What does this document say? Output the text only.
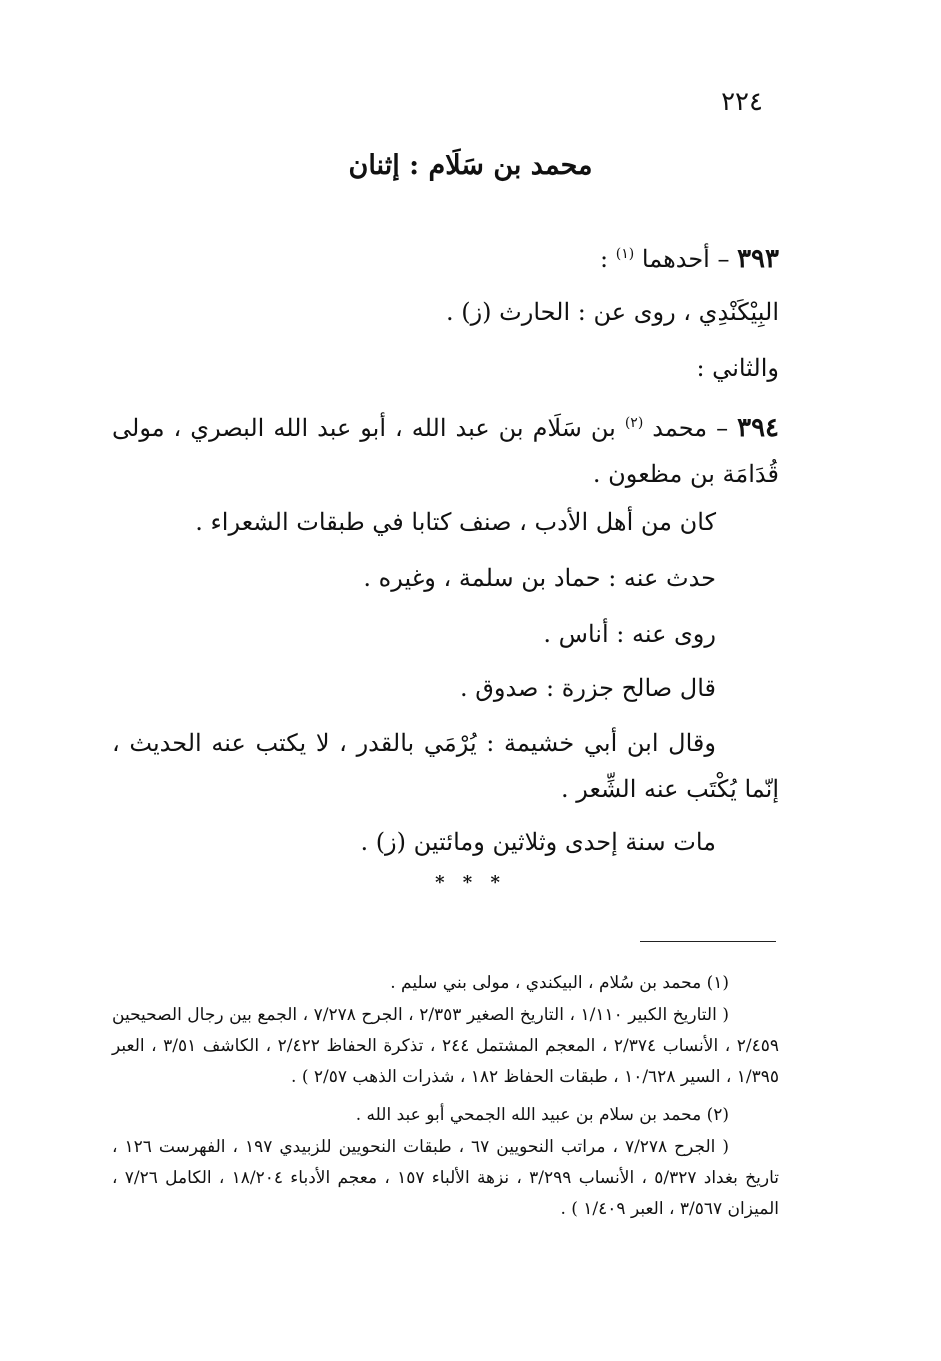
٢٢٤
محمد بن سَلَام : إثنان
٣٩٣ – أحدهما $^{(١)}$ :
البِيْكَنْدِي ، روى عن : الحارث (ز) .
والثاني :
٣٩٤ – محمد $^{(٢)}$ بن سَلَام بن عبد الله ، أبو عبد الله البصري ، مولى قُدَامَة بن مظعون .
كان من أهل الأدب ، صنف كتابا في طبقات الشعراء .
حدث عنه : حماد بن سلمة ، وغيره .
روى عنه : أناس .
قال صالح جزرة : صدوق .
وقال ابن أبي خشيمة : يُرْمَي بالقدر ، لا يكتب عنه الحديث ، إنّما يُكْتَب عنه الشِّعر .
مات سنة إحدى وثلاثين ومائتين (ز) .
* * *
(١) محمد بن سُلام ، البيكندي ، مولى بني سليم .
( التاريخ الكبير ١/١١٠ ، التاريخ الصغير ٢/٣٥٣ ، الجرح ٧/٢٧٨ ، الجمع بين رجال الصحيحين ٢/٤٥٩ ، الأنساب ٢/٣٧٤ ، المعجم المشتمل ٢٤٤ ، تذكرة الحفاظ ٢/٤٢٢ ، الكاشف ٣/٥١ ، العبر ١/٣٩٥ ، السير ١٠/٦٢٨ ، طبقات الحفاظ ١٨٢ ، شذرات الذهب ٢/٥٧ ) .
(٢) محمد بن سلام بن عبيد الله الجمحي أبو عبد الله .
( الجرح ٧/٢٧٨ ، مراتب النحويين ٦٧ ، طبقات النحويين للزبيدي ١٩٧ ، الفهرست ١٢٦ ، تاريخ بغداد ٥/٣٢٧ ، الأنساب ٣/٢٩٩ ، نزهة الألباء ١٥٧ ، معجم الأدباء ١٨/٢٠٤ ، الكامل ٧/٢٦ ، الميزان ٣/٥٦٧ ، العبر ١/٤٠٩ ) .
